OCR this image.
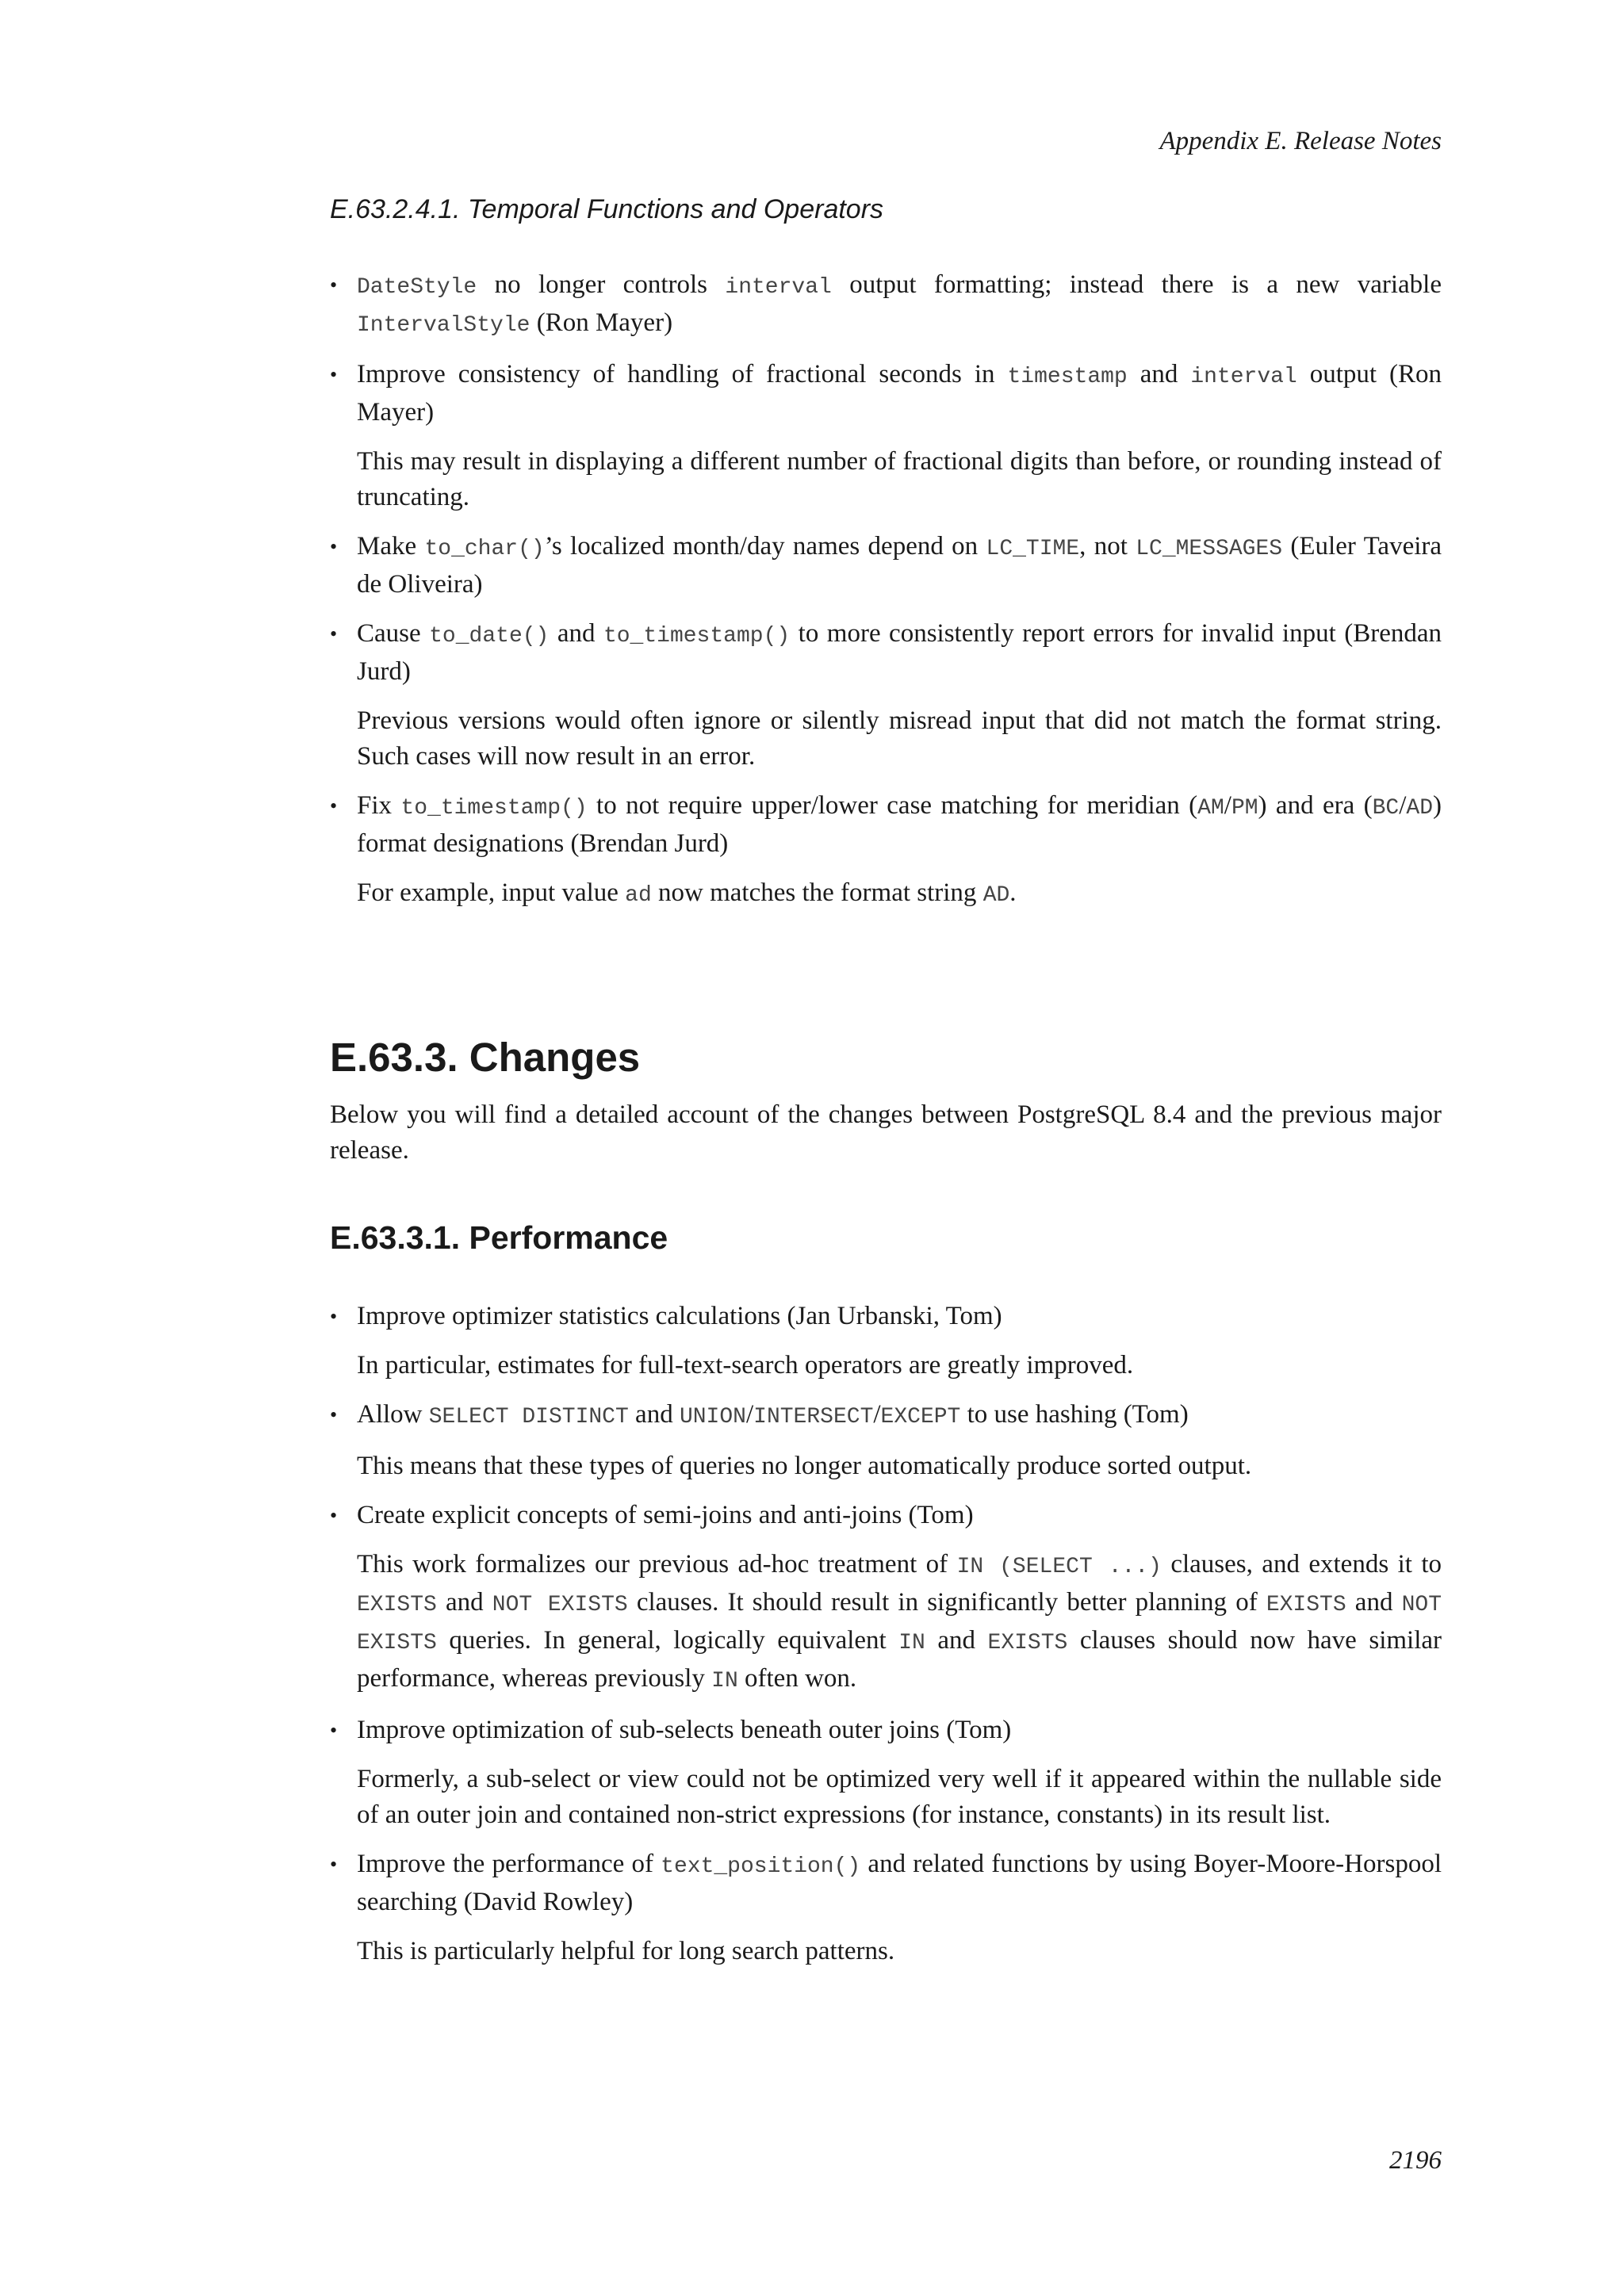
Appendix E. Release Notes
E.63.2.4.1. Temporal Functions and Operators
• DateStyle no longer controls interval output formatting; instead there is a new variable IntervalStyle (Ron Mayer)

• Improve consistency of handling of fractional seconds in timestamp and interval output (Ron Mayer)

This may result in displaying a different number of fractional digits than before, or rounding instead of truncating.

• Make to_char()’s localized month/day names depend on LC_TIME, not LC_MESSAGES (Euler Taveira de Oliveira)

• Cause to_date() and to_timestamp() to more consistently report errors for invalid input (Brendan Jurd)

Previous versions would often ignore or silently misread input that did not match the format string. Such cases will now result in an error.

• Fix to_timestamp() to not require upper/lower case matching for meridian (AM/PM) and era (BC/AD) format designations (Brendan Jurd)

For example, input value ad now matches the format string AD.

E.63.3. Changes

Below you will find a detailed account of the changes between PostgreSQL 8.4 and the previous major release.

E.63.3.1. Performance
• Improve optimizer statistics calculations (Jan Urbanski, Tom)

In particular, estimates for full-text-search operators are greatly improved.

• Allow SELECT DISTINCT and UNION/INTERSECT/EXCEPT to use hashing (Tom)

This means that these types of queries no longer automatically produce sorted output.

• Create explicit concepts of semi-joins and anti-joins (Tom)

This work formalizes our previous ad-hoc treatment of IN (SELECT ...) clauses, and extends it to EXISTS and NOT EXISTS clauses. It should result in significantly better planning of EXISTS and NOT EXISTS queries. In general, logically equivalent IN and EXISTS clauses should now have similar performance, whereas previously IN often won.

• Improve optimization of sub-selects beneath outer joins (Tom)

Formerly, a sub-select or view could not be optimized very well if it appeared within the nullable side of an outer join and contained non-strict expressions (for instance, constants) in its result list.

• Improve the performance of text_position() and related functions by using Boyer-Moore-Horspool searching (David Rowley)

This is particularly helpful for long search patterns.

2196
